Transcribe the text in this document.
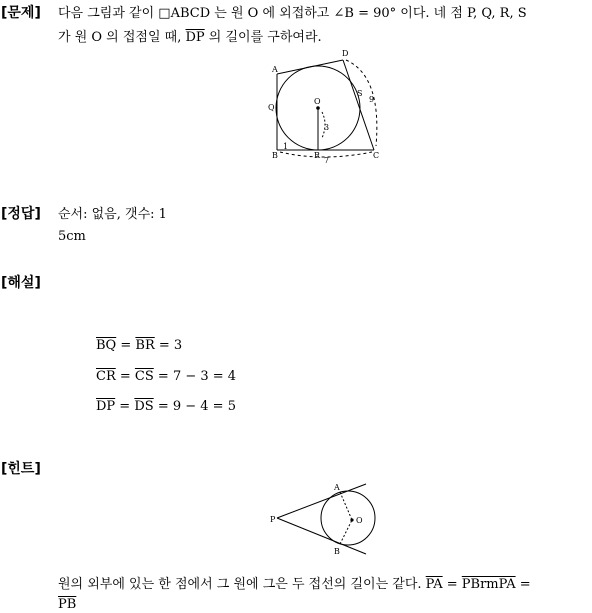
[문제] 다음 그림과 같이 □ABCD 는 원 O 에 외접하고 ∠B = 90° 이다. 네 점 P, Q, R, S
가 원 O 의 접점일 때, $\overline{DP}$ 의 길이를 구하여라.
A
D
Q
O
S
9
3
B
1
R
7
C
[정답] 순서: 없음, 갯수: 1
5cm
[해설]
$\overline{BQ} = \overline{BR} = 3$
$\overline{CR} = \overline{CS} = 7 - 3 = 4$
$\overline{DP} = \overline{DS} = 9 - 4 = 5$
[힌트]
P
A
O
B
원의 외부에 있는 한 점에서 그 원에 그은 두 접선의 길이는 같다. $\overline{PA}$ = PBrmPA =
$\overline{PB}$
